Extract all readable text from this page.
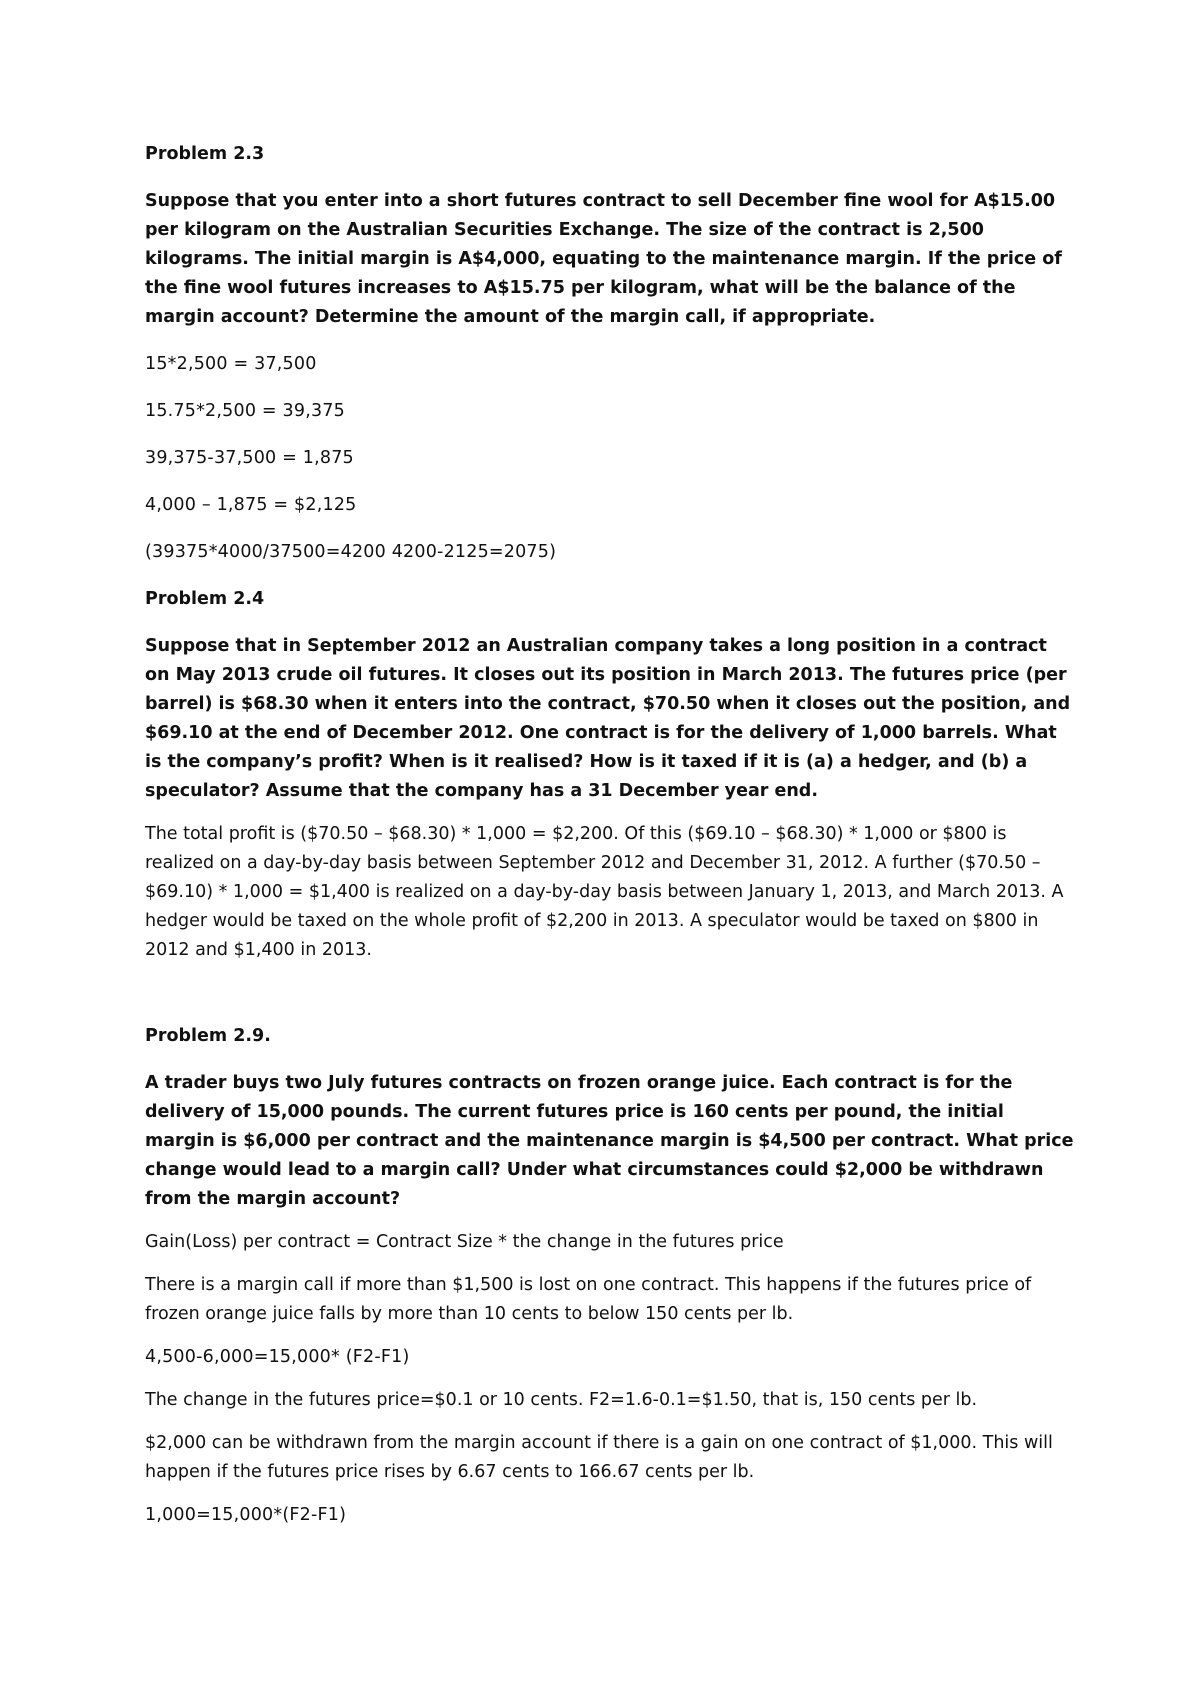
Problem 2.3

Suppose that you enter into a short futures contract to sell December fine wool for A$15.00 per kilogram on the Australian Securities Exchange. The size of the contract is 2,500 kilograms. The initial margin is A$4,000, equating to the maintenance margin. If the price of the fine wool futures increases to A$15.75 per kilogram, what will be the balance of the margin account? Determine the amount of the margin call, if appropriate.

15*2,500 = 37,500

15.75*2,500 = 39,375

39,375-37,500 = 1,875

4,000 – 1,875 = $2,125

(39375*4000/37500=4200 4200-2125=2075)

Problem 2.4

Suppose that in September 2012 an Australian company takes a long position in a contract on May 2013 crude oil futures. It closes out its position in March 2013. The futures price (per barrel) is $68.30 when it enters into the contract, $70.50 when it closes out the position, and $69.10 at the end of December 2012. One contract is for the delivery of 1,000 barrels. What is the company’s profit? When is it realised? How is it taxed if it is (a) a hedger, and (b) a speculator? Assume that the company has a 31 December year end.

The total profit is ($70.50 – $68.30) * 1,000 = $2,200. Of this ($69.10 – $68.30) * 1,000 or $800 is realized on a day-by-day basis between September 2012 and December 31, 2012. A further ($70.50 – $69.10) * 1,000 = $1,400 is realized on a day-by-day basis between January 1, 2013, and March 2013. A hedger would be taxed on the whole profit of $2,200 in 2013. A speculator would be taxed on $800 in 2012 and $1,400 in 2013.

Problem 2.9.

A trader buys two July futures contracts on frozen orange juice. Each contract is for the delivery of 15,000 pounds. The current futures price is 160 cents per pound, the initial margin is $6,000 per contract and the maintenance margin is $4,500 per contract. What price change would lead to a margin call? Under what circumstances could $2,000 be withdrawn from the margin account?

Gain(Loss) per contract = Contract Size * the change in the futures price

There is a margin call if more than $1,500 is lost on one contract. This happens if the futures price of frozen orange juice falls by more than 10 cents to below 150 cents per lb.

4,500-6,000=15,000* (F2-F1)

The change in the futures price=$0.1 or 10 cents. F2=1.6-0.1=$1.50, that is, 150 cents per lb.

$2,000 can be withdrawn from the margin account if there is a gain on one contract of $1,000. This will happen if the futures price rises by 6.67 cents to 166.67 cents per lb.

1,000=15,000*(F2-F1)
